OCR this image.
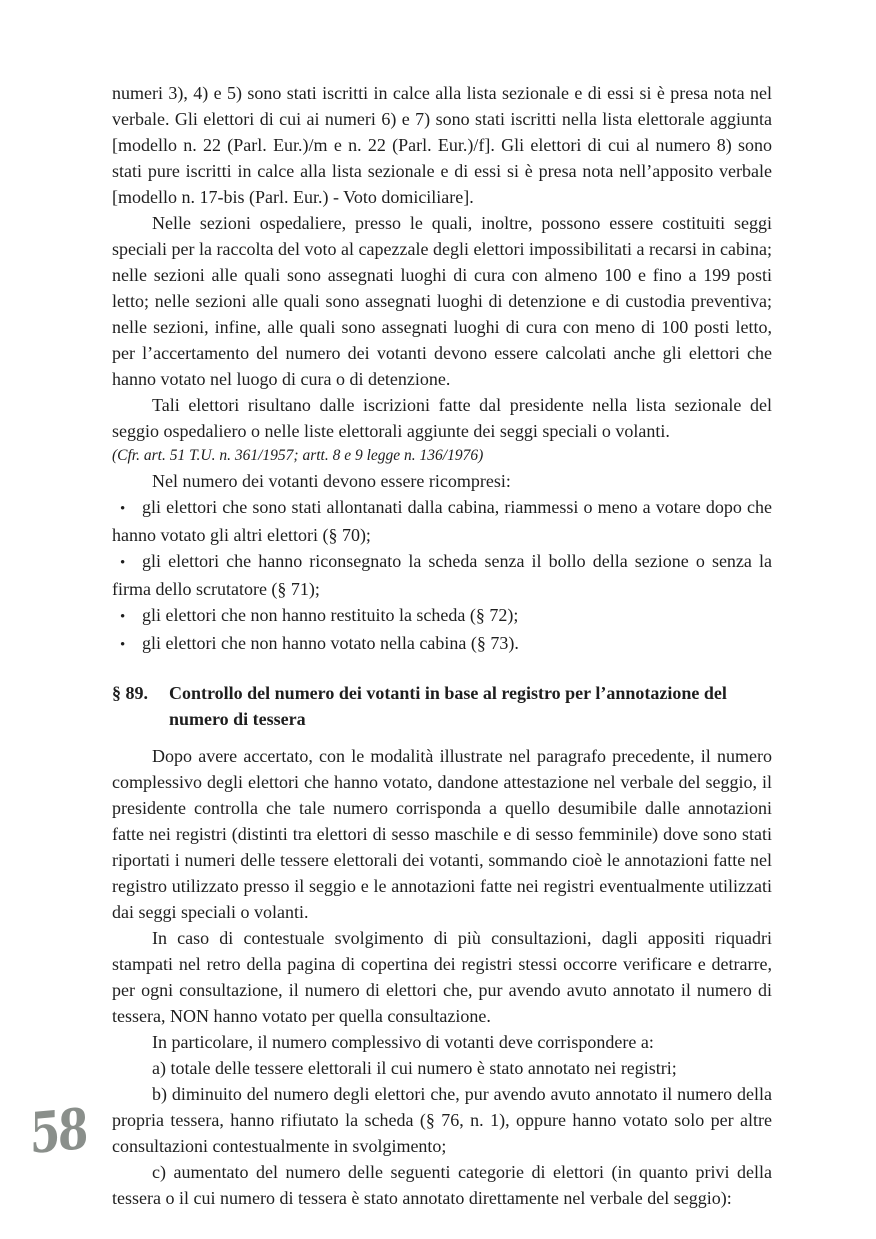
58

numeri 3), 4) e 5) sono stati iscritti in calce alla lista sezionale e di essi si è presa nota nel verbale. Gli elettori di cui ai numeri 6) e 7) sono stati iscritti nella lista elettorale aggiunta [modello n. 22 (Parl. Eur.)/m e n. 22 (Parl. Eur.)/f]. Gli elettori di cui al numero 8) sono stati pure iscritti in calce alla lista sezionale e di essi si è presa nota nell’apposito verbale [modello n. 17-bis (Parl. Eur.) - Voto domiciliare].

Nelle sezioni ospedaliere, presso le quali, inoltre, possono essere costituiti seggi speciali per la raccolta del voto al capezzale degli elettori impossibilitati a recarsi in cabina; nelle sezioni alle quali sono assegnati luoghi di cura con almeno 100 e fino a 199 posti letto; nelle sezioni alle quali sono assegnati luoghi di detenzione e di custodia preventiva; nelle sezioni, infine, alle quali sono assegnati luoghi di cura con meno di 100 posti letto, per l’accertamento del numero dei votanti devono essere calcolati anche gli elettori che hanno votato nel luogo di cura o di detenzione.

Tali elettori risultano dalle iscrizioni fatte dal presidente nella lista sezionale del seggio ospedaliero o nelle liste elettorali aggiunte dei seggi speciali o volanti.

(Cfr. art. 51 T.U. n. 361/1957; artt. 8 e 9 legge n. 136/1976)

Nel numero dei votanti devono essere ricompresi:

• gli elettori che sono stati allontanati dalla cabina, riammessi o meno a votare dopo che hanno votato gli altri elettori (§ 70);

• gli elettori che hanno riconsegnato la scheda senza il bollo della sezione o senza la firma dello scrutatore (§ 71);

• gli elettori che non hanno restituito la scheda (§ 72);

• gli elettori che non hanno votato nella cabina (§ 73).

§ 89. Controllo del numero dei votanti in base al registro per l’annotazione del numero di tessera

Dopo avere accertato, con le modalità illustrate nel paragrafo precedente, il numero complessivo degli elettori che hanno votato, dandone attestazione nel verbale del seggio, il presidente controlla che tale numero corrisponda a quello desumibile dalle annotazioni fatte nei registri (distinti tra elettori di sesso maschile e di sesso femminile) dove sono stati riportati i numeri delle tessere elettorali dei votanti, sommando cioè le annotazioni fatte nel registro utilizzato presso il seggio e le annotazioni fatte nei registri eventualmente utilizzati dai seggi speciali o volanti.

In caso di contestuale svolgimento di più consultazioni, dagli appositi riquadri stampati nel retro della pagina di copertina dei registri stessi occorre verificare e detrarre, per ogni consultazione, il numero di elettori che, pur avendo avuto annotato il numero di tessera, NON hanno votato per quella consultazione.

In particolare, il numero complessivo di votanti deve corrispondere a:

a) totale delle tessere elettorali il cui numero è stato annotato nei registri;

b) diminuito del numero degli elettori che, pur avendo avuto annotato il numero della propria tessera, hanno rifiutato la scheda (§ 76, n. 1), oppure hanno votato solo per altre consultazioni contestualmente in svolgimento;

c) aumentato del numero delle seguenti categorie di elettori (in quanto privi della tessera o il cui numero di tessera è stato annotato direttamente nel verbale del seggio):
